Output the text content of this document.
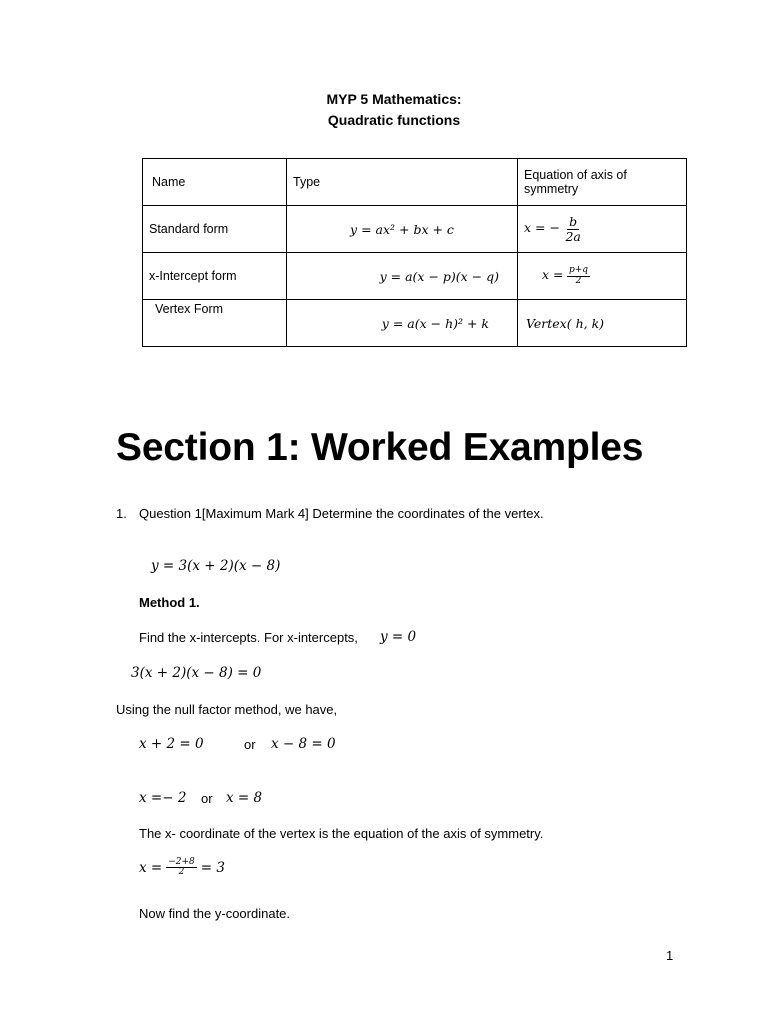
MYP 5 Mathematics:
Quadratic functions
Name	Type	Equation of axis of symmetry
Standard form	y = ax² + bx + c	x = − $\frac{b}{2a}$

x-Intercept form	y = a(x − p)(x − q)	$x = \frac{p+q}{2}$

Vertex Form	y = a(x − h)² + k	Vertex( h, k)
Section 1: Worked Examples
1. Question 1[Maximum Mark 4] Determine the coordinates of the vertex.
y = 3(x + 2)(x − 8)
Method 1.
Find the x-intercepts. For x-intercepts, y = 0
3(x + 2)(x − 8) = 0
Using the null factor method, we have,
x + 2 = 0	or x − 8 = 0
x =− 2 or x = 8
The x- coordinate of the vertex is the equation of the axis of symmetry.
$x = \frac{-2+8}{2} = 3$
Now find the y-coordinate.
1
